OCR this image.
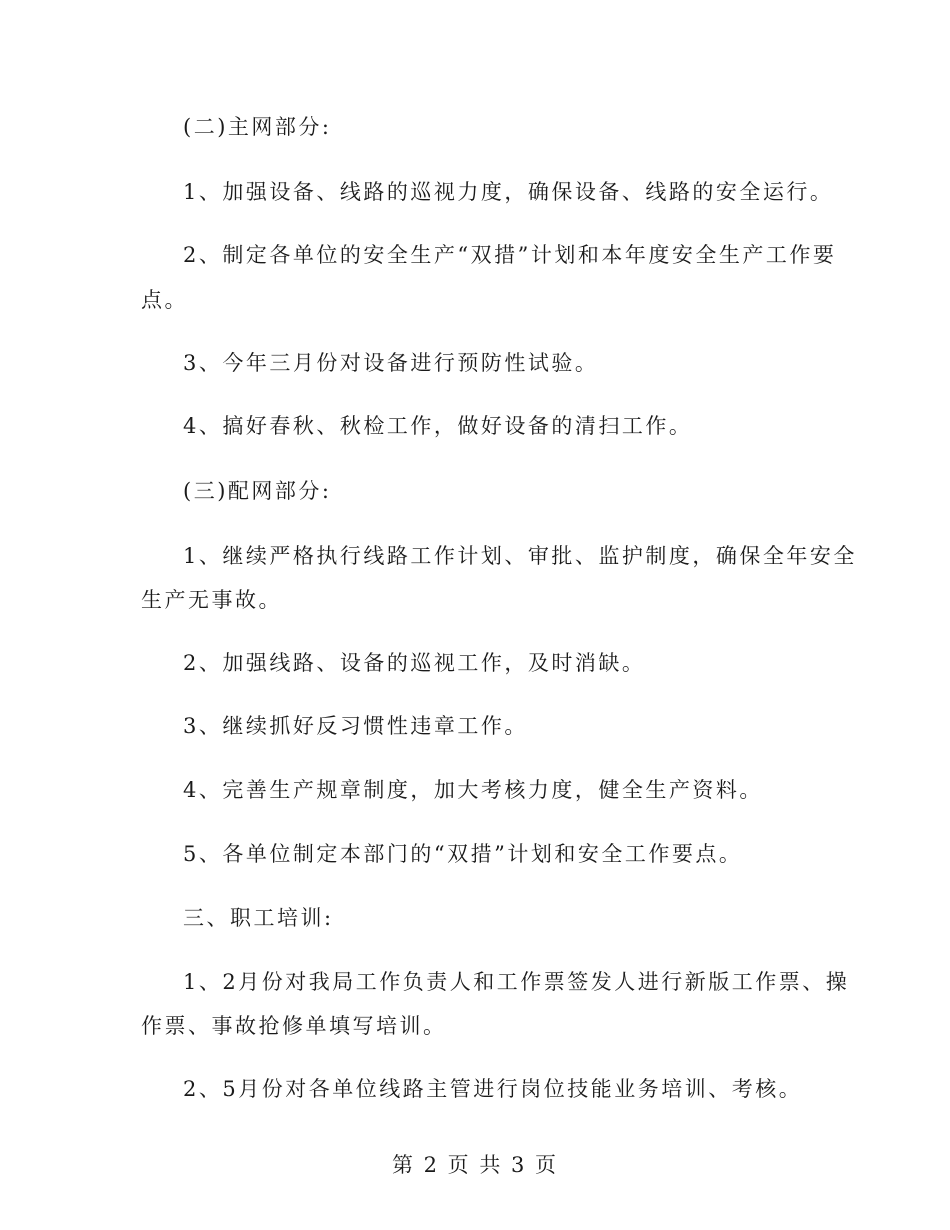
(二)主网部分:
1、加强设备、线路的巡视力度，确保设备、线路的安全运行。
2、制定各单位的安全生产“双措”计划和本年度安全生产工作要
点。
3、今年三月份对设备进行预防性试验。
4、搞好春秋、秋检工作，做好设备的清扫工作。
(三)配网部分:
1、继续严格执行线路工作计划、审批、监护制度，确保全年安全
生产无事故。
2、加强线路、设备的巡视工作，及时消缺。
3、继续抓好反习惯性违章工作。
4、完善生产规章制度，加大考核力度，健全生产资料。
5、各单位制定本部门的“双措”计划和安全工作要点。
三、职工培训:
1、2月份对我局工作负责人和工作票签发人进行新版工作票、操
作票、事故抢修单填写培训。
2、5月份对各单位线路主管进行岗位技能业务培训、考核。
第 2 页 共 3 页
